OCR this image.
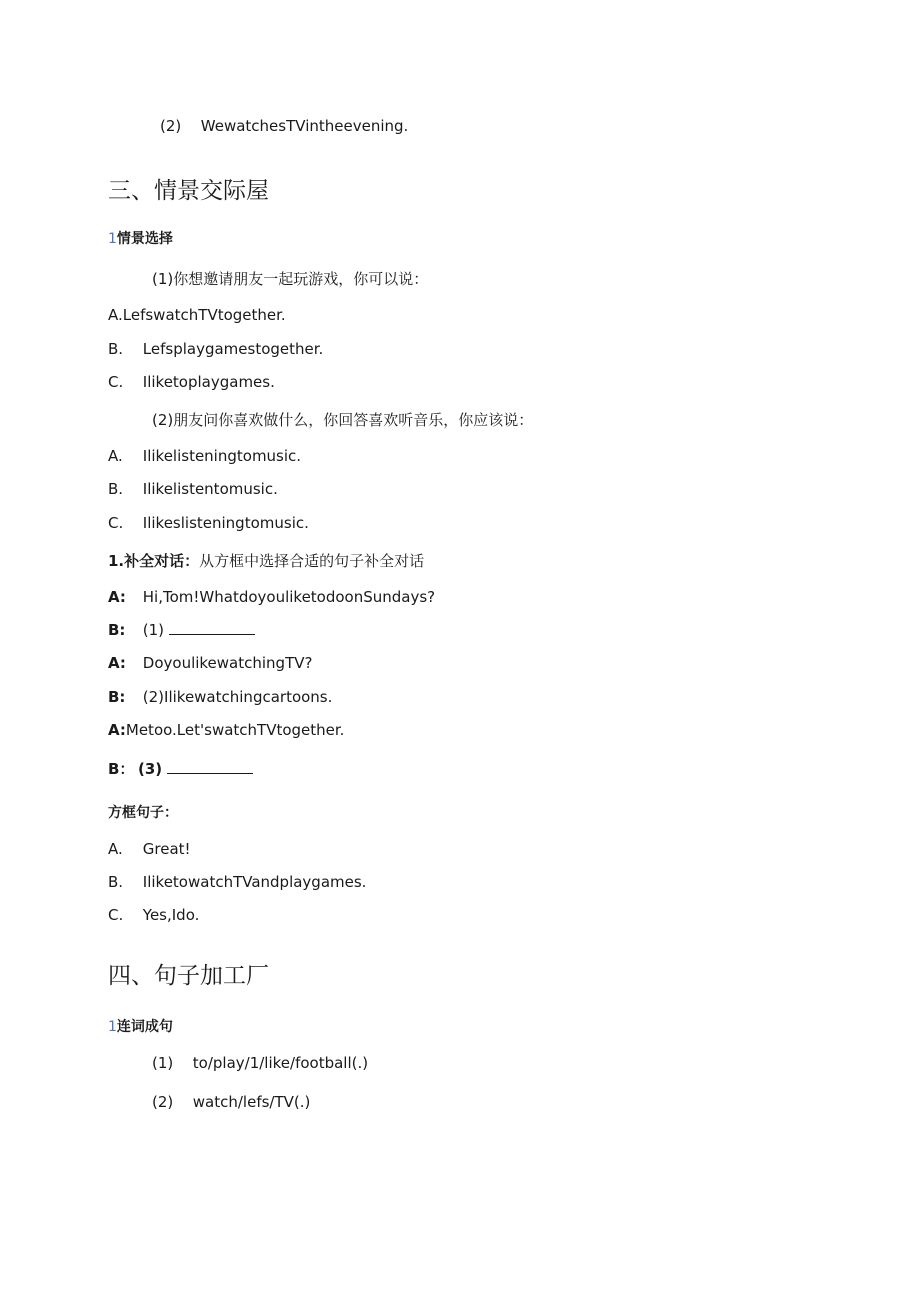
(2) WewatchesTVintheevening.
三、情景交际屋
1情景选择
(1)你想邀请朋友一起玩游戏，你可以说：
A.LefswatchTVtogether.
B. Lefsplaygamestogether.
C. Iliketoplaygames.
(2)朋友问你喜欢做什么，你回答喜欢听音乐，你应该说：
A. Ilikelisteningtomusic.
B. Ilikelistentomusic.
C. Ilikeslisteningtomusic.
1.补全对话：从方框中选择合适的句子补全对话
A: Hi,Tom!WhatdoyouliketodoonSundays?
B: (1)
A: DoyoulikewatchingTV?
B: (2)Ilikewatchingcartoons.
A:Metoo.Let'swatchTVtogether.
B： (3)
方框句子：
A. Great!
B. IliketowatchTVandplaygames.
C. Yes,Ido.
四、句子加工厂
1连词成句
(1) to/play/1/like/football(.)
(2) watch/lefs/TV(.)
